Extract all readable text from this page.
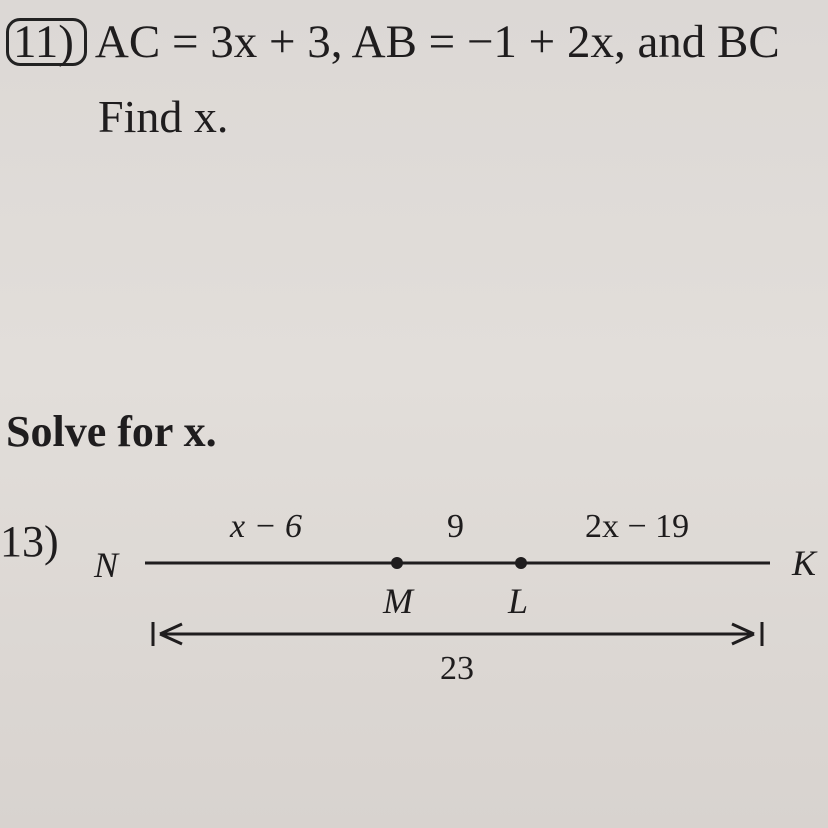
11) AC = 3x + 3, AB = −1 + 2x, and BC
Find x.
Solve for x.
13) N
M	L
K
x − 6	9	2x − 19
23
